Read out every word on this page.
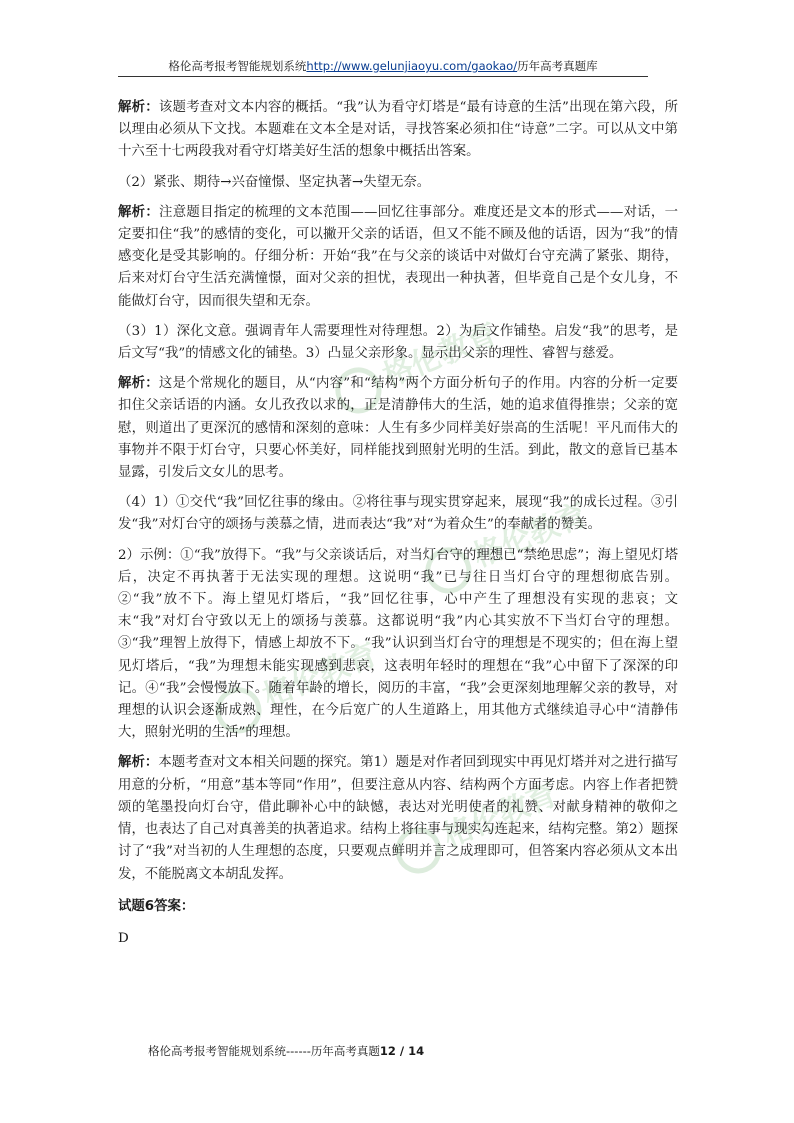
格伦高考报考智能规划系统http://www.gelunjiaoyu.com/gaokao/历年高考真题库
格伦教育
格伦教育
格伦教育
格伦教育

解析：该题考查对文本内容的概括。“我”认为看守灯塔是“最有诗意的生活”出现在第六段，所以理由必须从下文找。本题难在文本全是对话，寻找答案必须扣住“诗意”二字。可以从文中第十六至十七两段我对看守灯塔美好生活的想象中概括出答案。

（2）紧张、期待→兴奋憧憬、坚定执著→失望无奈。

解析：注意题目指定的梳理的文本范围——回忆往事部分。难度还是文本的形式——对话，一定要扣住“我”的感情的变化，可以撇开父亲的话语，但又不能不顾及他的话语，因为“我”的情感变化是受其影响的。仔细分析：开始“我”在与父亲的谈话中对做灯台守充满了紧张、期待，后来对灯台守生活充满憧憬，面对父亲的担忧，表现出一种执著，但毕竟自己是个女儿身，不能做灯台守，因而很失望和无奈。

（3）1）深化文意。强调青年人需要理性对待理想。2）为后文作铺垫。启发“我”的思考，是后文写“我”的情感文化的铺垫。3）凸显父亲形象。显示出父亲的理性、睿智与慈爱。

解析：这是个常规化的题目，从“内容”和“结构”两个方面分析句子的作用。内容的分析一定要扣住父亲话语的内涵。女儿孜孜以求的，正是清静伟大的生活，她的追求值得推崇；父亲的宽慰，则道出了更深沉的感情和深刻的意味：人生有多少同样美好崇高的生活呢！平凡而伟大的事物并不限于灯台守，只要心怀美好，同样能找到照射光明的生活。到此，散文的意旨已基本显露，引发后文女儿的思考。

（4）1）①交代“我”回忆往事的缘由。②将往事与现实贯穿起来，展现“我”的成长过程。③引发“我”对灯台守的颂扬与羡慕之情，进而表达“我”对“为着众生”的奉献者的赞美。

2）示例：①“我”放得下。“我”与父亲谈话后，对当灯台守的理想已“禁绝思虑”；海上望见灯塔后，决定不再执著于无法实现的理想。这说明“我”已与往日当灯台守的理想彻底告别。②“我”放不下。海上望见灯塔后，“我”回忆往事，心中产生了理想没有实现的悲哀；文末“我”对灯台守致以无上的颂扬与羡慕。这都说明“我”内心其实放不下当灯台守的理想。③“我”理智上放得下，情感上却放不下。“我”认识到当灯台守的理想是不现实的；但在海上望见灯塔后，“我”为理想未能实现感到悲哀，这表明年轻时的理想在“我”心中留下了深深的印记。④“我”会慢慢放下。随着年龄的增长，阅历的丰富，“我”会更深刻地理解父亲的教导，对理想的认识会逐渐成熟、理性，在今后宽广的人生道路上，用其他方式继续追寻心中“清静伟大，照射光明的生活”的理想。

解析：本题考查对文本相关问题的探究。第1）题是对作者回到现实中再见灯塔并对之进行描写用意的分析，“用意”基本等同“作用”，但要注意从内容、结构两个方面考虑。内容上作者把赞颂的笔墨投向灯台守，借此聊补心中的缺憾，表达对光明使者的礼赞、对献身精神的敬仰之情，也表达了自己对真善美的执著追求。结构上将往事与现实勾连起来，结构完整。第2）题探讨了“我”对当初的人生理想的态度，只要观点鲜明并言之成理即可，但答案内容必须从文本出发，不能脱离文本胡乱发挥。

试题6答案：

D

格伦高考报考智能规划系统------历年高考真题12 / 14
